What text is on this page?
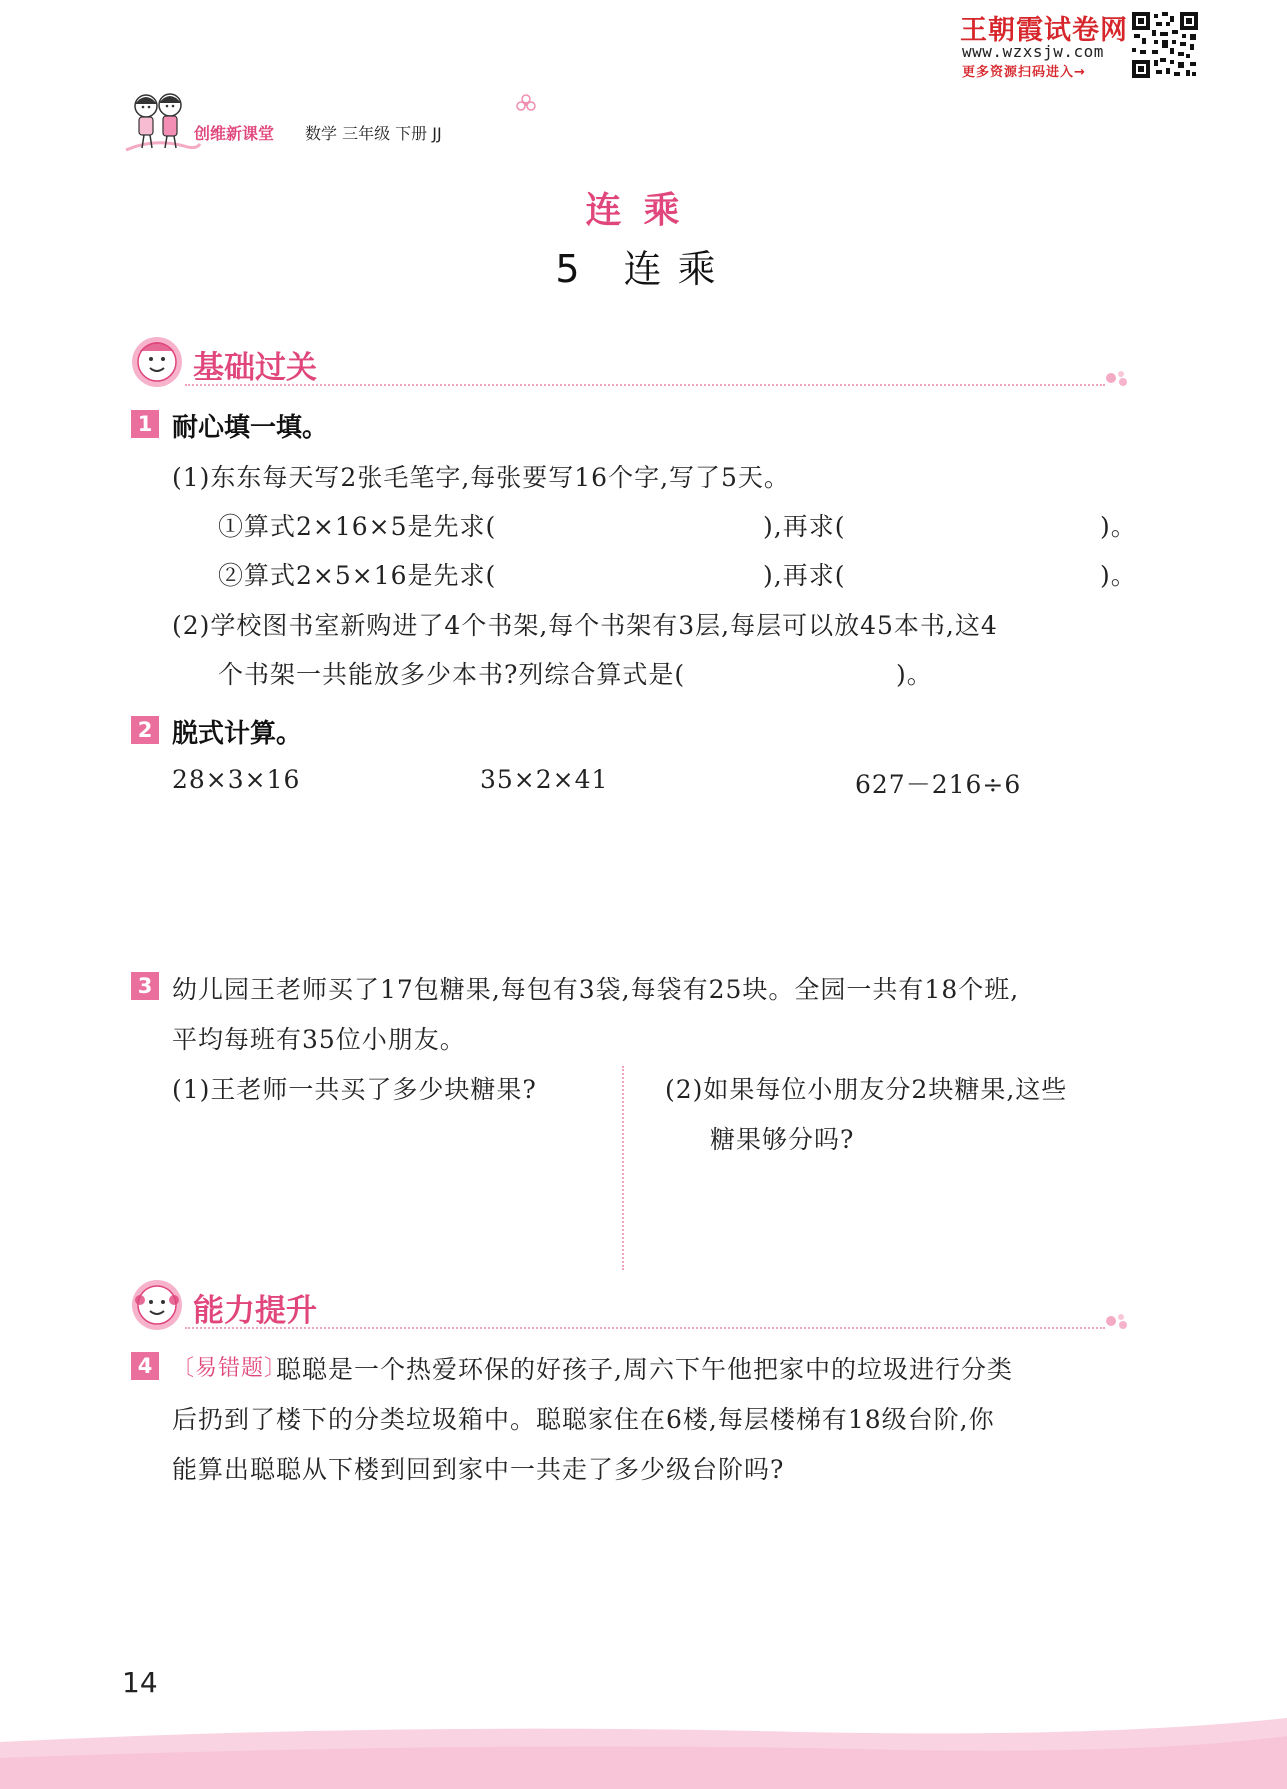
王朝霞试卷网
www.wzxsjw.com
更多资源扫码进入→
创维新课堂 数学 三年级 下册 JJ
连乘
5 连乘
基础过关
1 耐心填一填。
(1)东东每天写2张毛笔字,每张要写16个字,写了5天。
①算式2×16×5是先求(	),再求(	)。
②算式2×5×16是先求(	),再求(	)。
(2)学校图书室新购进了4个书架,每个书架有3层,每层可以放45本书,这4
个书架一共能放多少本书?列综合算式是(	)。
2 脱式计算。
28×3×16	35×2×41	627－216÷6
3 幼儿园王老师买了17包糖果,每包有3袋,每袋有25块。全园一共有18个班,
平均每班有35位小朋友。
(1)王老师一共买了多少块糖果?	(2)如果每位小朋友分2块糖果,这些
糖果够分吗?
能力提升
4 〔易错题〕
聪聪是一个热爱环保的好孩子,周六下午他把家中的垃圾进行分类
后扔到了楼下的分类垃圾箱中。聪聪家住在6楼,每层楼梯有18级台阶,你
能算出聪聪从下楼到回到家中一共走了多少级台阶吗?
14
